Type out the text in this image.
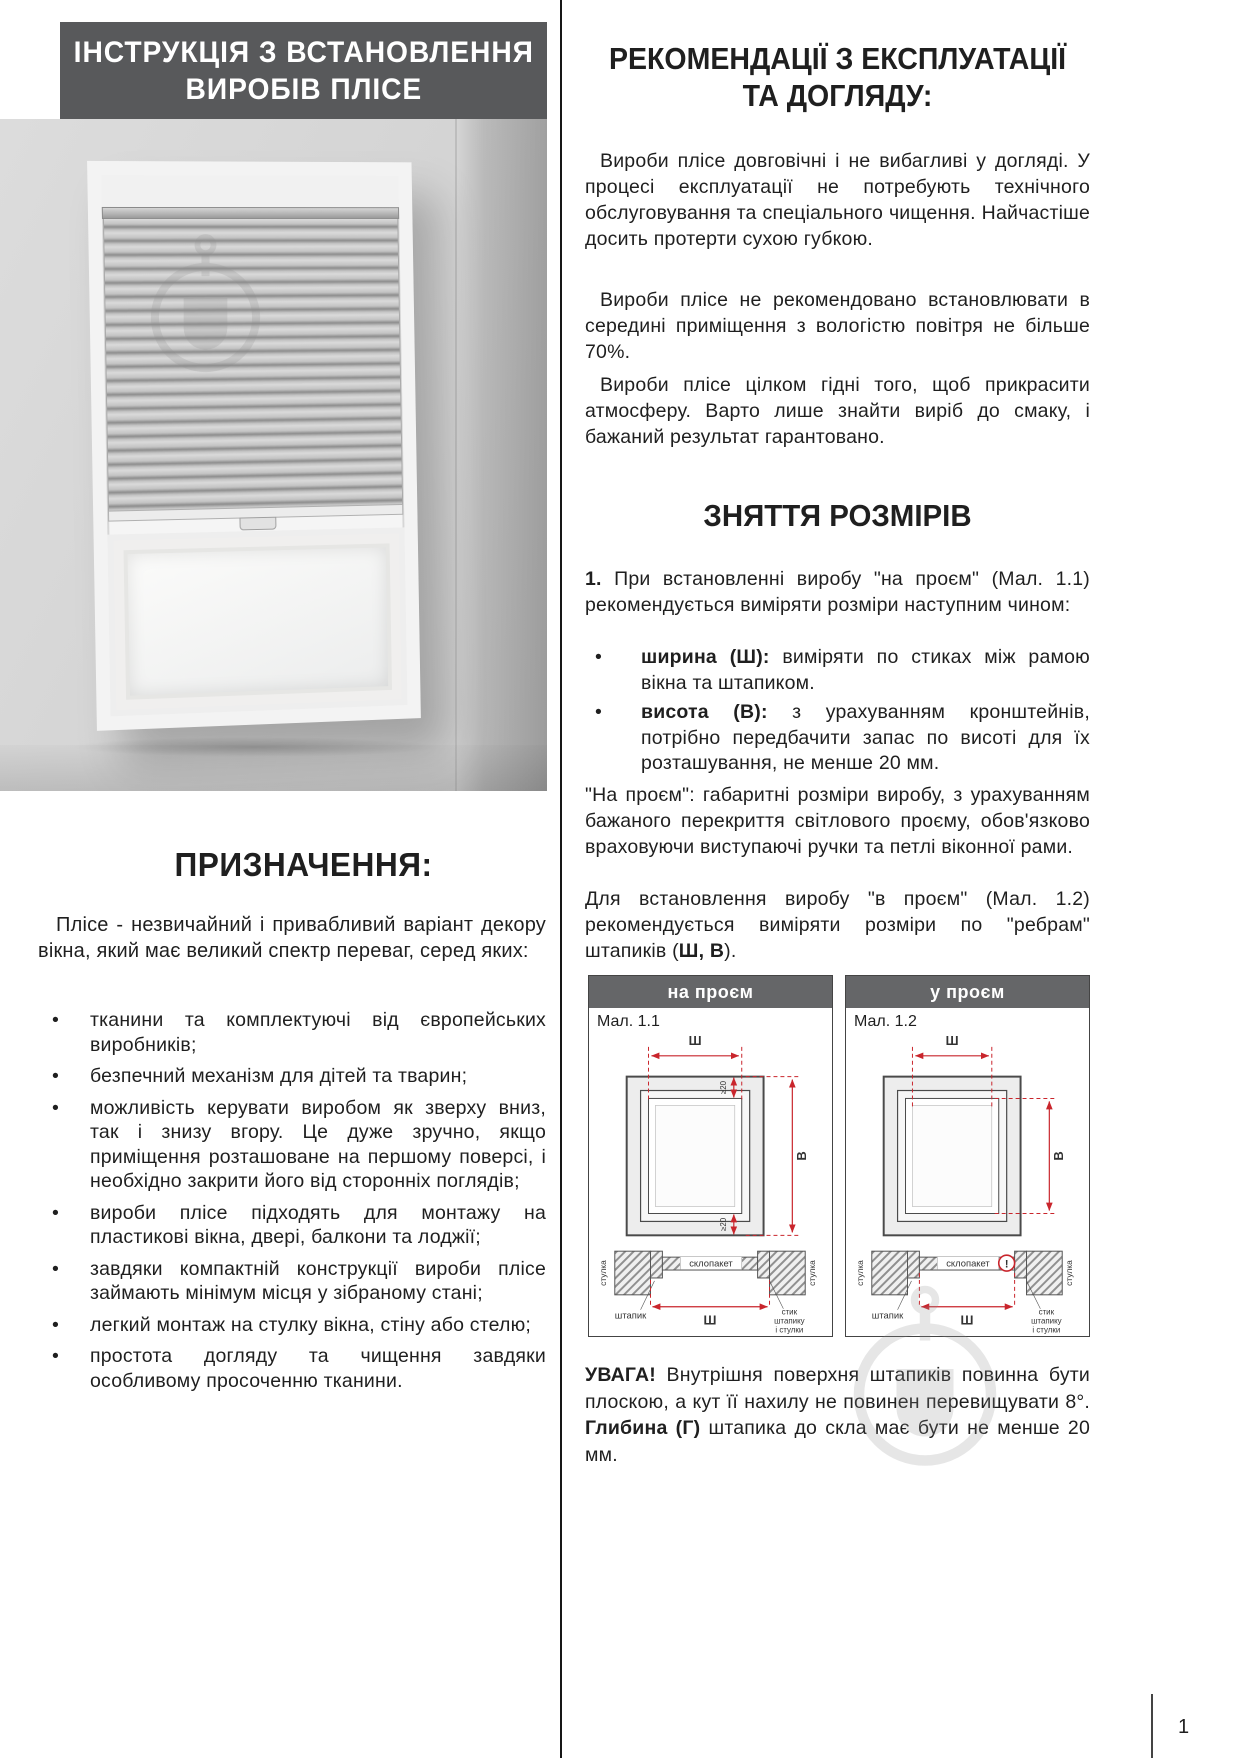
ІНСТРУКЦІЯ З ВСТАНОВЛЕННЯ
ВИРОБІВ ПЛІСЕ
ПРИЗНАЧЕННЯ:

Плісе - незвичайний і привабливий варіант декору вікна, який має великий спектр переваг, серед яких:

• тканини та комплектуючі від європейських виробників;
• безпечний механізм для дітей та тварин;
• можливість керувати виробом як зверху вниз, так і знизу вгору. Це дуже зручно, якщо приміщення розташоване на першому поверсі, і необхідно закрити його від сторонніх поглядів;
• вироби плісе підходять для монтажу на пластикові вікна, двері, балкони та лоджії;
• завдяки компактній конструкції вироби плісе займають мінімум місця у зібраному стані;
• легкий монтаж на стулку вікна, стіну або стелю;
• простота догляду та чищення завдяки особливому просоченню тканини.
РЕКОМЕНДАЦІЇ З ЕКСПЛУАТАЦІЇ
ТА ДОГЛЯДУ:

Вироби плісе довговічні і не вибагливі у догляді. У процесі експлуатації не потребують технічного обслуговування та спеціального чищення. Найчастіше досить протерти сухою губкою.

Вироби плісе не рекомендовано встановлювати в середині приміщення з вологістю повітря не більше 70%.

Вироби плісе цілком гідні того, щоб прикрасити атмосферу. Варто лише знайти виріб до смаку, і бажаний результат гарантовано.

ЗНЯТТЯ РОЗМІРІВ

1. При встановленні виробу "на проєм" (Мал. 1.1) рекомендується виміряти розміри наступним чином:

• ширина (Ш): виміряти по стиках між рамою вікна та штапиком.
• висота (В): з урахуванням кронштейнів, потрібно передбачити запас по висоті для їх розташування, не менше 20 мм.

"На проєм": габаритні розміри виробу, з урахуванням бажаного перекриття світлового проєму, обов'язково враховуючи виступаючі ручки та петлі віконної рами.

Для встановлення виробу "в проєм" (Мал. 1.2) рекомендується виміряти розміри по "ребрам" штапиків (Ш, В).

на проєм
Мал. 1.1
Ш
В
≥20
≥20
склопакет
стулка	стулка
штапик	Ш
стик
штапику
і стулки
у проєм
Мал. 1.2
Ш
В
склопакет !
стулка	стулка
штапик	Ш
стик
штапику
і стулки

УВАГА! Внутрішня поверхня штапиків повинна бути плоскою, а кут її нахилу не повинен перевищувати 8°. Глибина (Г) штапика до скла має бути не менше 20 мм.

1
